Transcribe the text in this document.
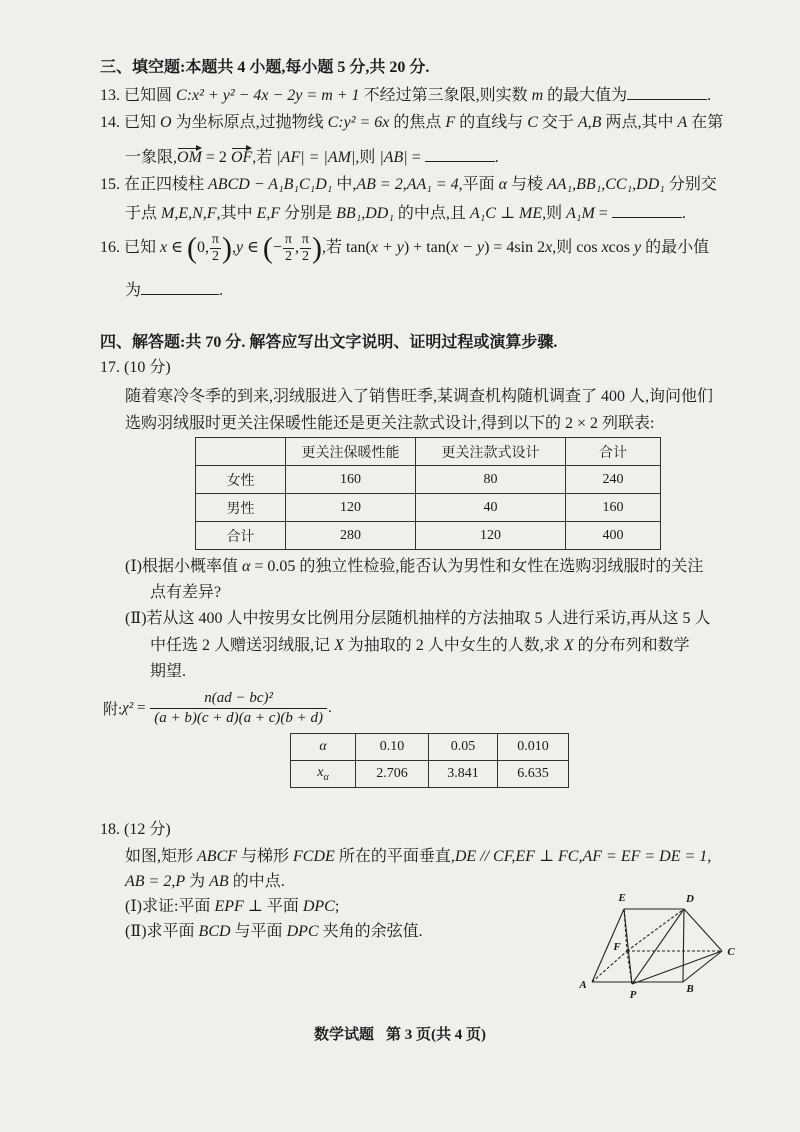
三、填空题:本题共 4 小题,每小题 5 分,共 20 分.
13. 已知圆 C:x² + y² − 4x − 2y = m + 1 不经过第三象限,则实数 m 的最大值为	.
14. 已知 O 为坐标原点,过抛物线 C:y² = 6x 的焦点 F 的直线与 C 交于 A,B 两点,其中 A 在第
一象限,OM = 2 OF,若 |AF| = |AM|,则 |AB| =	.
15. 在正四棱柱 ABCD − A₁B₁C₁D₁ 中,AB = 2,AA₁ = 4,平面 α 与棱 AA₁,BB₁,CC₁,DD₁ 分别交
于点 M,E,N,F,其中 E,F 分别是 BB₁,DD₁ 的中点,且 A₁C ⊥ ME,则 A₁M =	.
16. 已知 x ∈ (0, $\frac{\pi}{2} ),y$ ∈ (− $\frac{\pi}{2}$ , $\frac{\pi}{2}$ ),若 tan(x + y) + tan(x − y) = 4sin 2x,则 cos xcos y 的最小值
为	.
四、解答题:共 70 分. 解答应写出文字说明、证明过程或演算步骤.
17. (10 分)
随着寒冷冬季的到来,羽绒服进入了销售旺季,某调查机构随机调查了 400 人,询问他们
选购羽绒服时更关注保暖性能还是更关注款式设计,得到以下的 2 × 2 列联表:
	更关注保暖性能	更关注款式设计	合计
女性	160	80	240
男性	120	40	160
合计	280	120	400
(Ⅰ)根据小概率值 α = 0.05 的独立性检验,能否认为男性和女性在选购羽绒服时的关注
点有差异?
(Ⅱ)若从这 400 人中按男女比例用分层随机抽样的方法抽取 5 人进行采访,再从这 5 人
中任选 2 人赠送羽绒服,记 X 为抽取的 2 人中女生的人数,求 X 的分布列和数学
期望.
附: $\chi^2 = \frac{\text{n(ad − bc)²}}{(a + b)(c + d)(a + c)(b + d)}$ .
α	0.10	0.05	0.010
$x_\alpha$	2.706	3.841	6.635
18. (12 分)
如图,矩形 ABCF 与梯形 FCDE 所在的平面垂直,DE // CF,EF ⊥ FC,AF = EF = DE = 1,
AB = 2,P 为 AB 的中点.
(Ⅰ)求证:平面 EPF ⊥ 平面 DPC;
(Ⅱ)求平面 BCD 与平面 DPC 夹角的余弦值.
E	D
F	C
A
P	B
数学试题 第 3 页(共 4 页)
